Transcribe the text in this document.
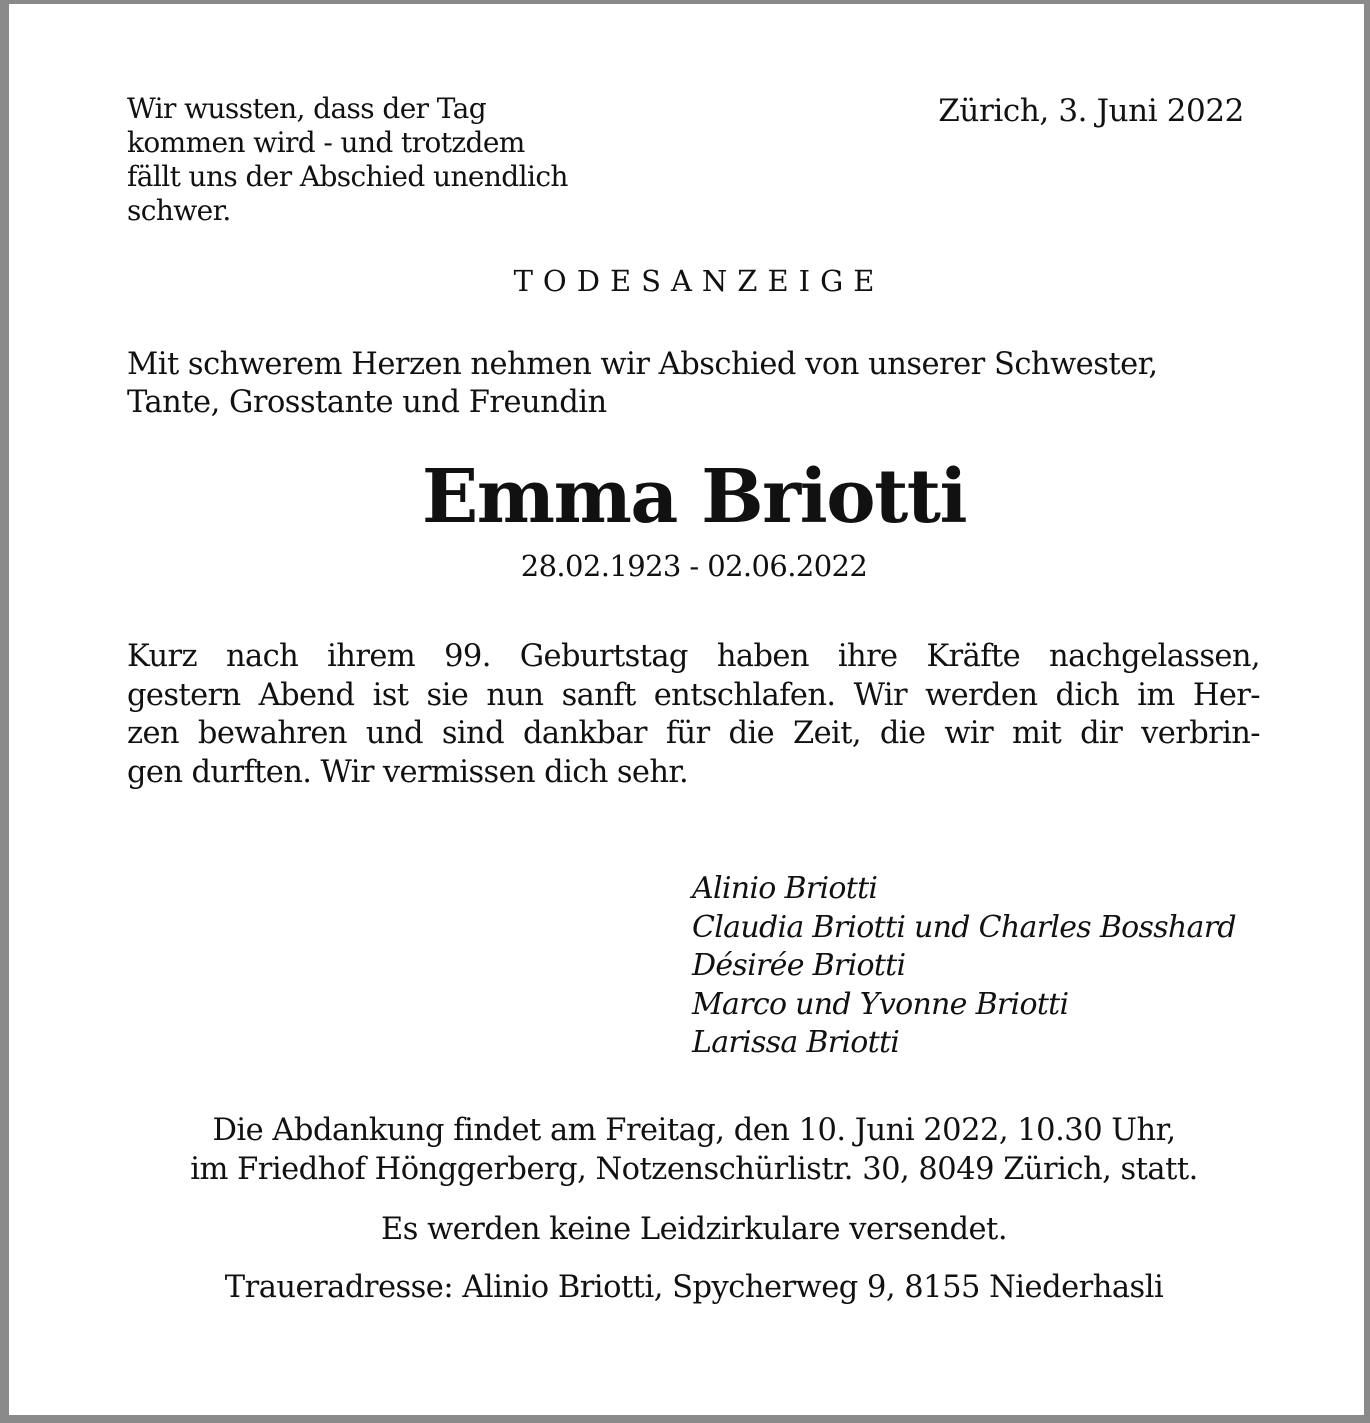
Wir wussten, dass der Tag
kommen wird - und trotzdem
fällt uns der Abschied unendlich
schwer.
Zürich, 3. Juni 2022
TODESANZEIGE
Mit schwerem Herzen nehmen wir Abschied von unserer Schwester,
Tante, Grosstante und Freundin
Emma Briotti
28.02.1923 - 02.06.2022
Kurz nach ihrem 99. Geburtstag haben ihre Kräfte nachgelassen,
gestern Abend ist sie nun sanft entschlafen. Wir werden dich im Her-
zen bewahren und sind dankbar für die Zeit, die wir mit dir verbrin-
gen durften. Wir vermissen dich sehr.
Alinio Briotti
Claudia Briotti und Charles Bosshard
Désirée Briotti
Marco und Yvonne Briotti
Larissa Briotti
Die Abdankung findet am Freitag, den 10. Juni 2022, 10.30 Uhr,
im Friedhof Hönggerberg, Notzenschürlistr. 30, 8049 Zürich, statt.
Es werden keine Leidzirkulare versendet.
Traueradresse: Alinio Briotti, Spycherweg 9, 8155 Niederhasli
